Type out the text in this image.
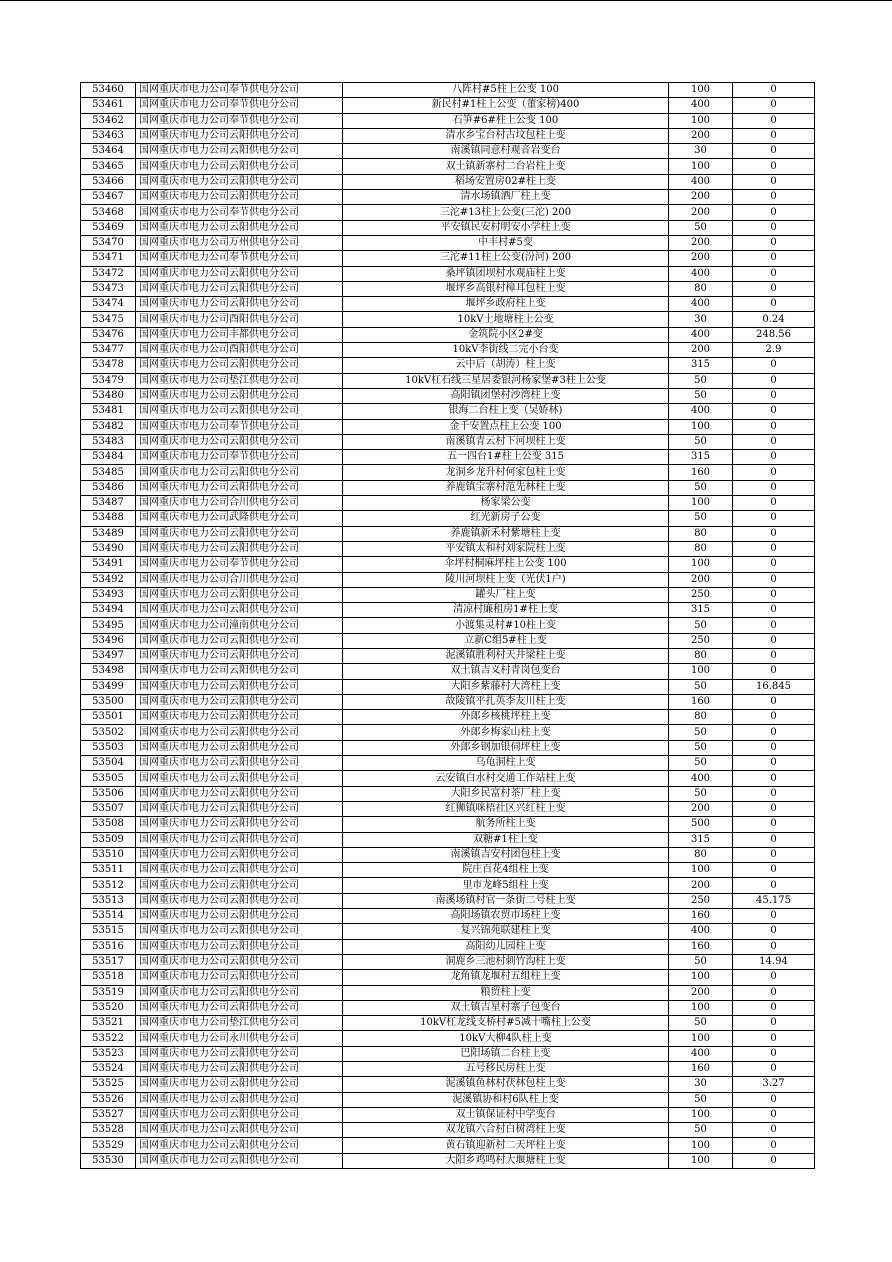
53460	国网重庆市电力公司奉节供电分公司	八阵村#5柱上公变 100	100	0
53461	国网重庆市电力公司奉节供电分公司	新民村#1柱上公变（董家榜)400	400	0
53462	国网重庆市电力公司奉节供电分公司	石笋#6#柱上公变 100	100	0
53463	国网重庆市电力公司云阳供电分公司	清水乡宝台村古坟包柱上变	200	0
53464	国网重庆市电力公司云阳供电分公司	南溪镇同意村观音岩变台	30	0
53465	国网重庆市电力公司云阳供电分公司	双土镇新寨村二台岩柱上变	100	0
53466	国网重庆市电力公司云阳供电分公司	稻场安置房02#柱上变	400	0
53467	国网重庆市电力公司云阳供电分公司	清水场镇酒厂柱上变	200	0
53468	国网重庆市电力公司奉节供电分公司	三沱#13柱上公变(三沱) 200	200	0
53469	国网重庆市电力公司云阳供电分公司	平安镇民安村明安小学柱上变	50	0
53470	国网重庆市电力公司万州供电分公司	中丰村#5变	200	0
53471	国网重庆市电力公司奉节供电分公司	三沱#11柱上公变(汾河) 200	200	0
53472	国网重庆市电力公司云阳供电分公司	桑坪镇团坝村水观庙柱上变	400	0
53473	国网重庆市电力公司云阳供电分公司	堰坪乡高银村樟耳包柱上变	80	0
53474	国网重庆市电力公司云阳供电分公司	堰坪乡政府柱上变	400	0
53475	国网重庆市电力公司酉阳供电分公司	10kV土地塘柱上公变	30	0.24
53476	国网重庆市电力公司丰都供电分公司	金筑院小区2#变	400	248.56
53477	国网重庆市电力公司酉阳供电分公司	10kV李街线二完小台变	200	2.9
53478	国网重庆市电力公司云阳供电分公司	云中后（胡涛）柱上变	315	0
53479	国网重庆市电力公司垫江供电分公司	10kV杠石线三星居委银河杨家堡#3柱上公变	50	0
53480	国网重庆市电力公司云阳供电分公司	高阳镇团堡村沙湾柱上变	50	0
53481	国网重庆市电力公司云阳供电分公司	银海二台柱上变（吴娇林)	400	0
53482	国网重庆市电力公司奉节供电分公司	金千安置点柱上公变 100	100	0
53483	国网重庆市电力公司云阳供电分公司	南溪镇青云村下河坝柱上变	50	0
53484	国网重庆市电力公司奉节供电分公司	五一四台1#柱上公变 315	315	0
53485	国网重庆市电力公司云阳供电分公司	龙洞乡龙升村何家包柱上变	160	0
53486	国网重庆市电力公司云阳供电分公司	养鹿镇宝寨村范先林柱上变	50	0
53487	国网重庆市电力公司合川供电分公司	杨家梁公变	100	0
53488	国网重庆市电力公司武隆供电分公司	红光新房子公变	50	0
53489	国网重庆市电力公司云阳供电分公司	养鹿镇新禾村紫塘柱上变	80	0
53490	国网重庆市电力公司云阳供电分公司	平安镇太和村刘家院柱上变	80	0
53491	国网重庆市电力公司奉节供电分公司	伞坪村桐麻坪柱上公变 100	100	0
53492	国网重庆市电力公司合川供电分公司	陵川河坝柱上变（光伏1户)	200	0
53493	国网重庆市电力公司云阳供电分公司	罐头厂柱上变	250	0
53494	国网重庆市电力公司云阳供电分公司	清凉村廉租房1#柱上变	315	0
53495	国网重庆市电力公司潼南供电分公司	小渡集灵村#10柱上变	50	0
53496	国网重庆市电力公司云阳供电分公司	立新C组5#柱上变	250	0
53497	国网重庆市电力公司云阳供电分公司	泥溪镇胜利村天井梁柱上变	80	0
53498	国网重庆市电力公司云阳供电分公司	双土镇吉义村青岗包变台	100	0
53499	国网重庆市电力公司云阳供电分公司	大阳乡紫藤村大湾柱上变	50	16.845
53500	国网重庆市电力公司云阳供电分公司	故陵镇平扎英李友川柱上变	160	0
53501	国网重庆市电力公司云阳供电分公司	外郎乡核桃坪柱上变	80	0
53502	国网重庆市电力公司云阳供电分公司	外郎乡梅家山柱上变	50	0
53503	国网重庆市电力公司云阳供电分公司	外郎乡钢加银伺坪柱上变	50	0
53504	国网重庆市电力公司云阳供电分公司	乌龟洞柱上变	50	0
53505	国网重庆市电力公司云阳供电分公司	云安镇白水村交通工作站柱上变	400	0
53506	国网重庆市电力公司云阳供电分公司	大阳乡民富村茶厂柱上变	50	0
53507	国网重庆市电力公司云阳供电分公司	红狮镇咪梧社区兴红柱上变	200	0
53508	国网重庆市电力公司云阳供电分公司	航务所柱上变	500	0
53509	国网重庆市电力公司云阳供电分公司	双糖#1柱上变	315	0
53510	国网重庆市电力公司云阳供电分公司	南溪镇吉安村团包柱上变	80	0
53511	国网重庆市电力公司云阳供电分公司	院庄百花4组柱上变	100	0
53512	国网重庆市电力公司云阳供电分公司	里市龙峰5组柱上变	200	0
53513	国网重庆市电力公司云阳供电分公司	南溪场镇村官一条街二号柱上变	250	45.175
53514	国网重庆市电力公司云阳供电分公司	高阳场镇农贸市场柱上变	160	0
53515	国网重庆市电力公司云阳供电分公司	复兴锦苑联建柱上变	400	0
53516	国网重庆市电力公司云阳供电分公司	高阳幼儿园柱上变	160	0
53517	国网重庆市电力公司云阳供电分公司	洞鹿乡三池村刺竹沟柱上变	50	14.94
53518	国网重庆市电力公司云阳供电分公司	龙角镇龙堰村五组柱上变	100	0
53519	国网重庆市电力公司云阳供电分公司	粮贸柱上变	200	0
53520	国网重庆市电力公司云阳供电分公司	双土镇吉星村寨子包变台	100	0
53521	国网重庆市电力公司垫江供电分公司	10kV杠龙线支桥村#5减十嘴柱上公变	50	0
53522	国网重庆市电力公司永川供电分公司	10kV大柳4队柱上变	100	0
53523	国网重庆市电力公司云阳供电分公司	巴阳场镇二台柱上变	400	0
53524	国网重庆市电力公司云阳供电分公司	五号移民房柱上变	160	0
53525	国网重庆市电力公司云阳供电分公司	泥溪镇鱼林村茯林包柱上变	30	3.27
53526	国网重庆市电力公司云阳供电分公司	泥溪镇协和村6队柱上变	50	0
53527	国网重庆市电力公司云阳供电分公司	双土镇保证村中学变台	100	0
53528	国网重庆市电力公司云阳供电分公司	双龙镇六合村白树湾柱上变	50	0
53529	国网重庆市电力公司云阳供电分公司	黄石镇迎新村二天坪柱上变	100	0
53530	国网重庆市电力公司云阳供电分公司	大阳乡鸡鸣村大堰塘柱上变	100	0
